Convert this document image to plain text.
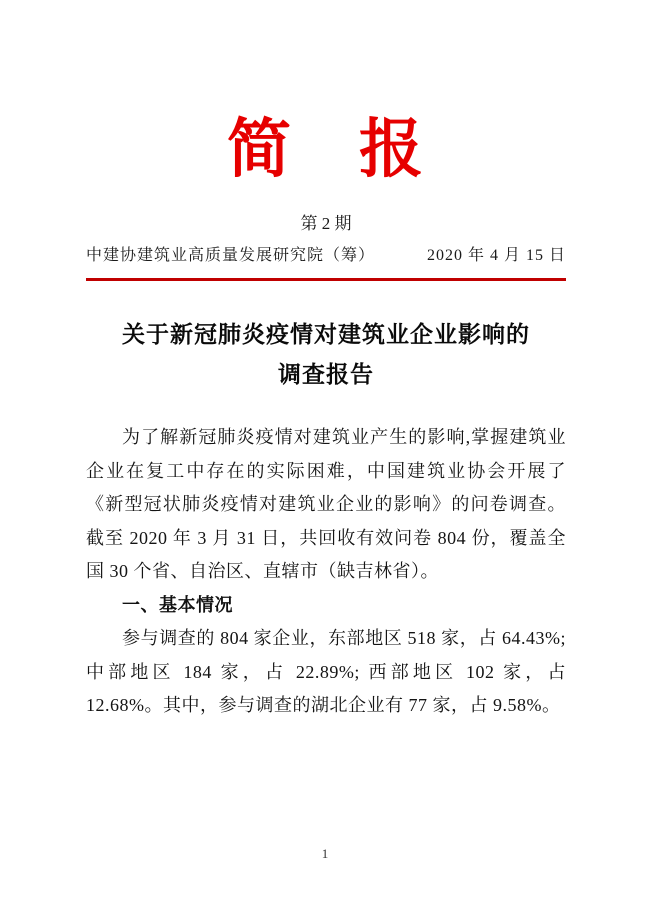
简　报
第 2 期
中建协建筑业高质量发展研究院（筹）	2020 年 4 月 15 日
关于新冠肺炎疫情对建筑业企业影响的
调查报告

为了解新冠肺炎疫情对建筑业产生的影响,掌握建筑业企业在复工中存在的实际困难，中国建筑业协会开展了《新型冠状肺炎疫情对建筑业企业的影响》的问卷调查。截至 2020 年 3 月 31 日，共回收有效问卷 804 份，覆盖全国 30 个省、自治区、直辖市（缺吉林省）。

一、基本情况

参与调查的 804 家企业，东部地区 518 家，占 64.43%; 中部地区 184 家，占 22.89%; 西部地区 102 家，占 12.68%。其中，参与调查的湖北企业有 77 家，占 9.58%。

1
